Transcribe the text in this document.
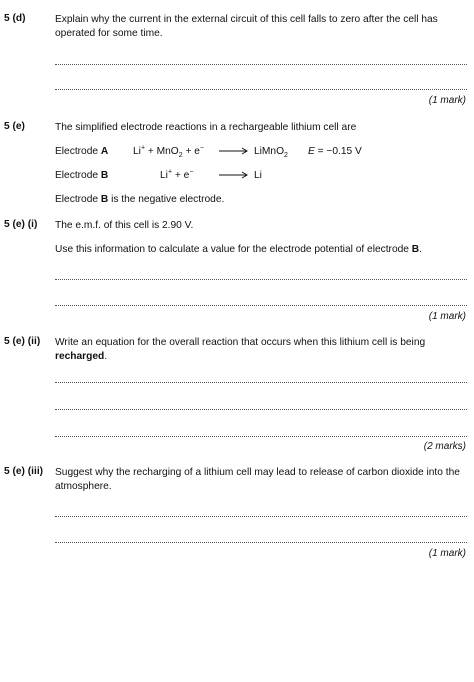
5 (d)	Explain why the current in the external circuit of this cell falls to zero after the cell has operated for some time.
(1 mark)
5 (e)	The simplified electrode reactions in a rechargeable lithium cell are
Electrode A Li+ + MnO$_2$ + e−	LiMnO$_2$ E = −0.15 V
Electrode B	Li+ + e−	Li
Electrode B is the negative electrode.
5 (e) (i) The e.m.f. of this cell is 2.90 V.
Use this information to calculate a value for the electrode potential of electrode B.
(1 mark)
5 (e) (ii) Write an equation for the overall reaction that occurs when this lithium cell is being recharged.
(2 marks)
5 (e) (iii) Suggest why the recharging of a lithium cell may lead to release of carbon dioxide into the atmosphere.
(1 mark)
